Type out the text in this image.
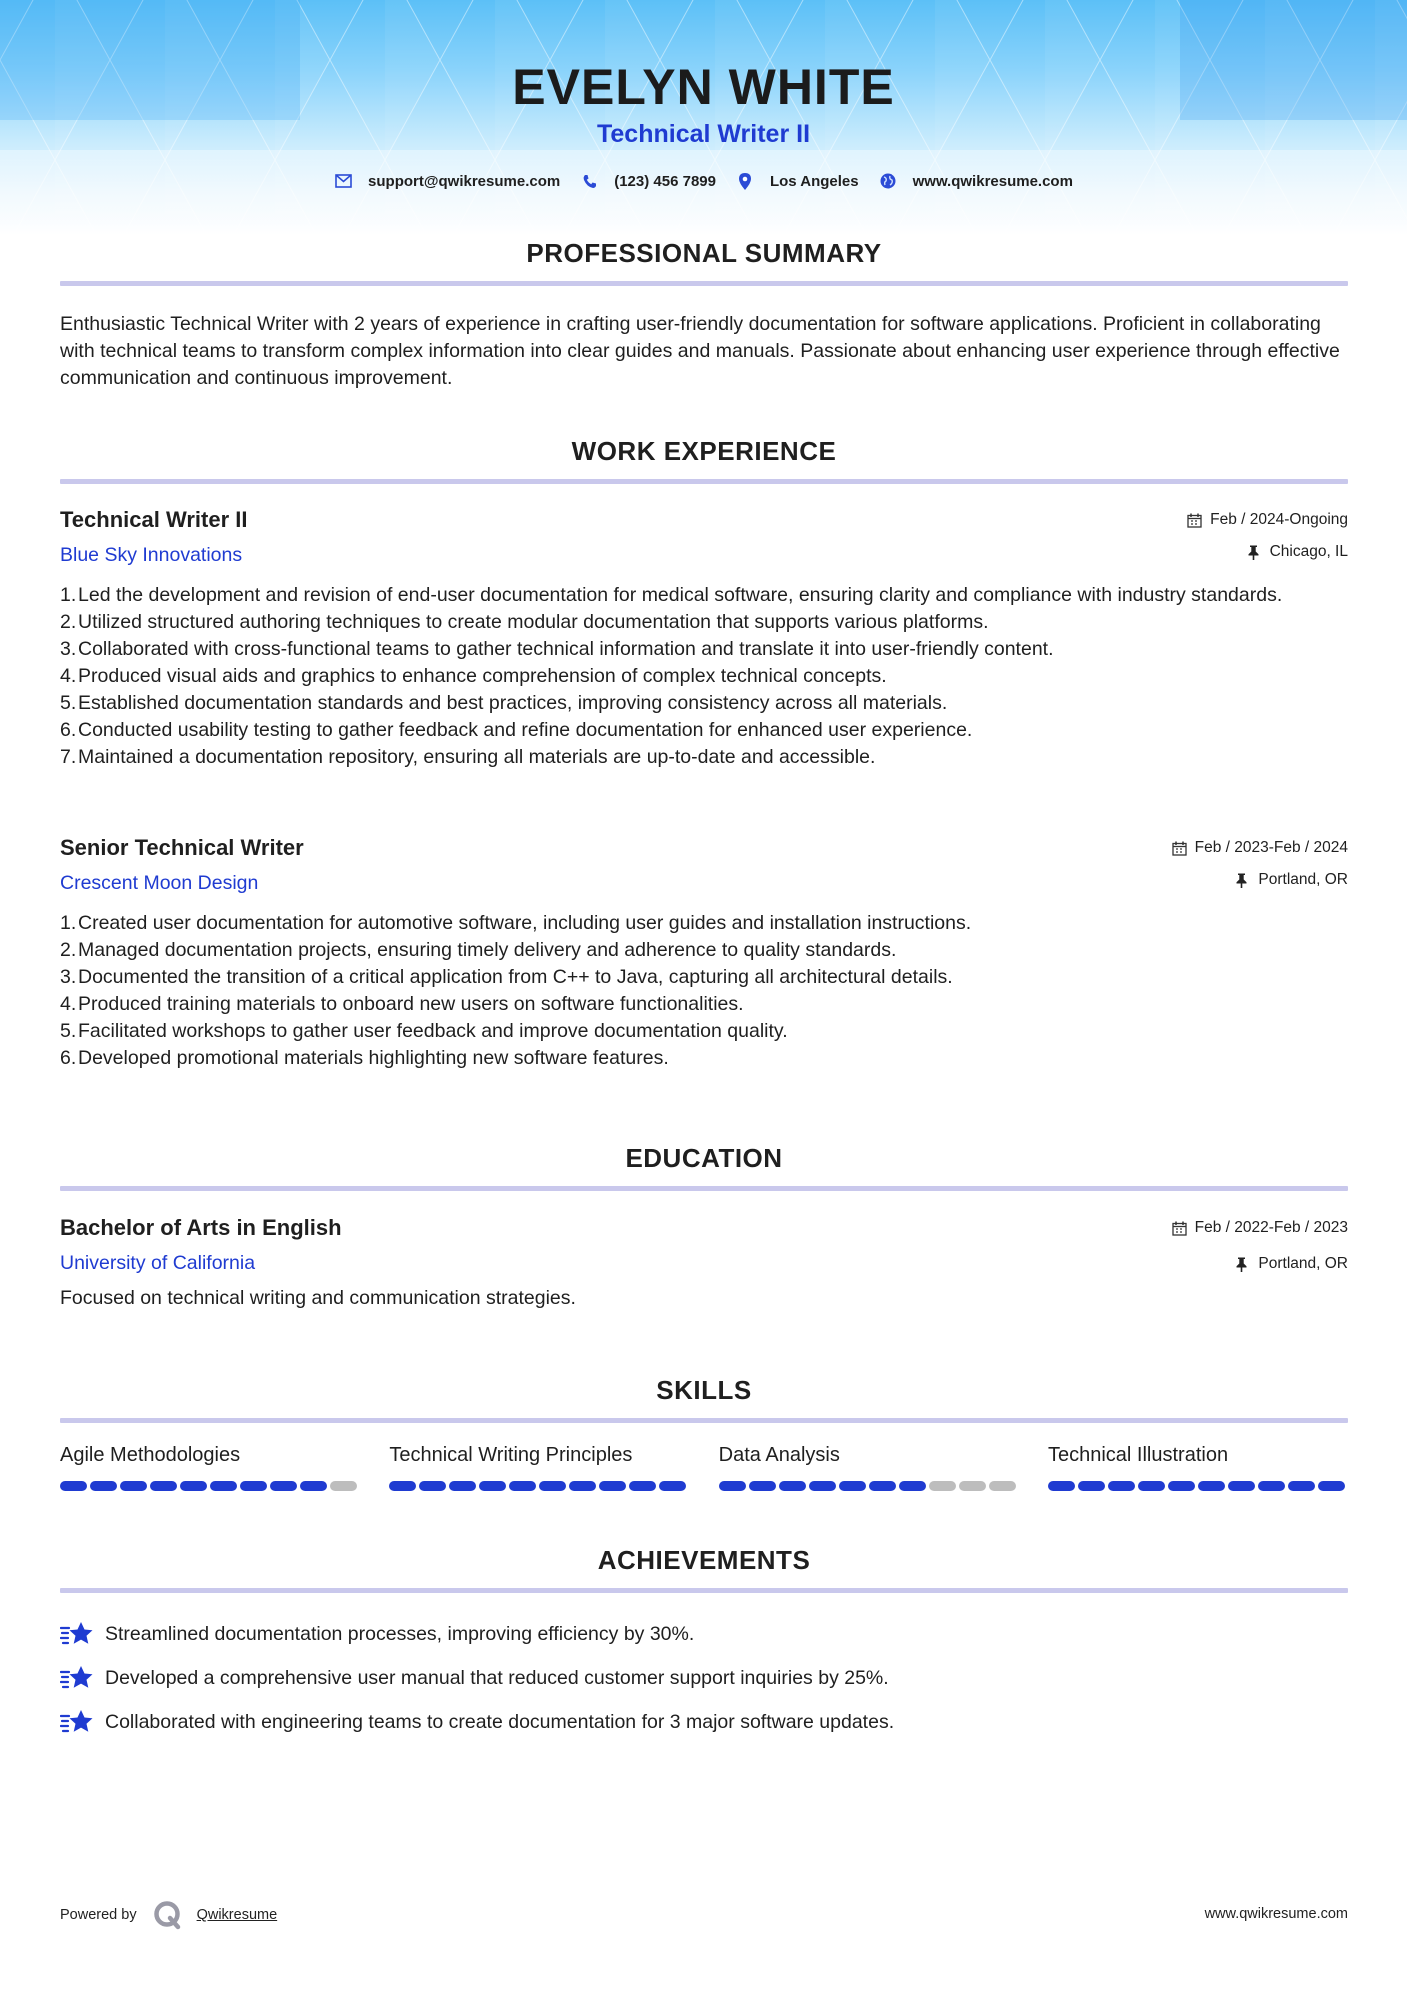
EVELYN WHITE
Technical Writer II
support@qwikresume.com	(123) 456 7899	Los Angeles	www.qwikresume.com
PROFESSIONAL SUMMARY
Enthusiastic Technical Writer with 2 years of experience in crafting user-friendly documentation for software applications. Proficient in collaborating with technical teams to transform complex information into clear guides and manuals. Passionate about enhancing user experience through effective communication and continuous improvement.
WORK EXPERIENCE
Technical Writer II
Blue Sky Innovations
Feb / 2024-Ongoing
Chicago, IL
1. Led the development and revision of end-user documentation for medical software, ensuring clarity and compliance with industry standards.
2. Utilized structured authoring techniques to create modular documentation that supports various platforms.
3. Collaborated with cross-functional teams to gather technical information and translate it into user-friendly content.
4. Produced visual aids and graphics to enhance comprehension of complex technical concepts.
5. Established documentation standards and best practices, improving consistency across all materials.
6. Conducted usability testing to gather feedback and refine documentation for enhanced user experience.
7. Maintained a documentation repository, ensuring all materials are up-to-date and accessible.
Senior Technical Writer
Crescent Moon Design
Feb / 2023-Feb / 2024
Portland, OR
1. Created user documentation for automotive software, including user guides and installation instructions.
2. Managed documentation projects, ensuring timely delivery and adherence to quality standards.
3. Documented the transition of a critical application from C++ to Java, capturing all architectural details.
4. Produced training materials to onboard new users on software functionalities.
5. Facilitated workshops to gather user feedback and improve documentation quality.
6. Developed promotional materials highlighting new software features.
EDUCATION
Bachelor of Arts in English
University of California
Feb / 2022-Feb / 2023
Portland, OR
Focused on technical writing and communication strategies.
SKILLS
Agile Methodologies	Technical Writing Principles	Data Analysis	Technical Illustration
ACHIEVEMENTS
Streamlined documentation processes, improving efficiency by 30%.
Developed a comprehensive user manual that reduced customer support inquiries by 25%.
Collaborated with engineering teams to create documentation for 3 major software updates.
Powered by	Qwikresume	www.qwikresume.com
